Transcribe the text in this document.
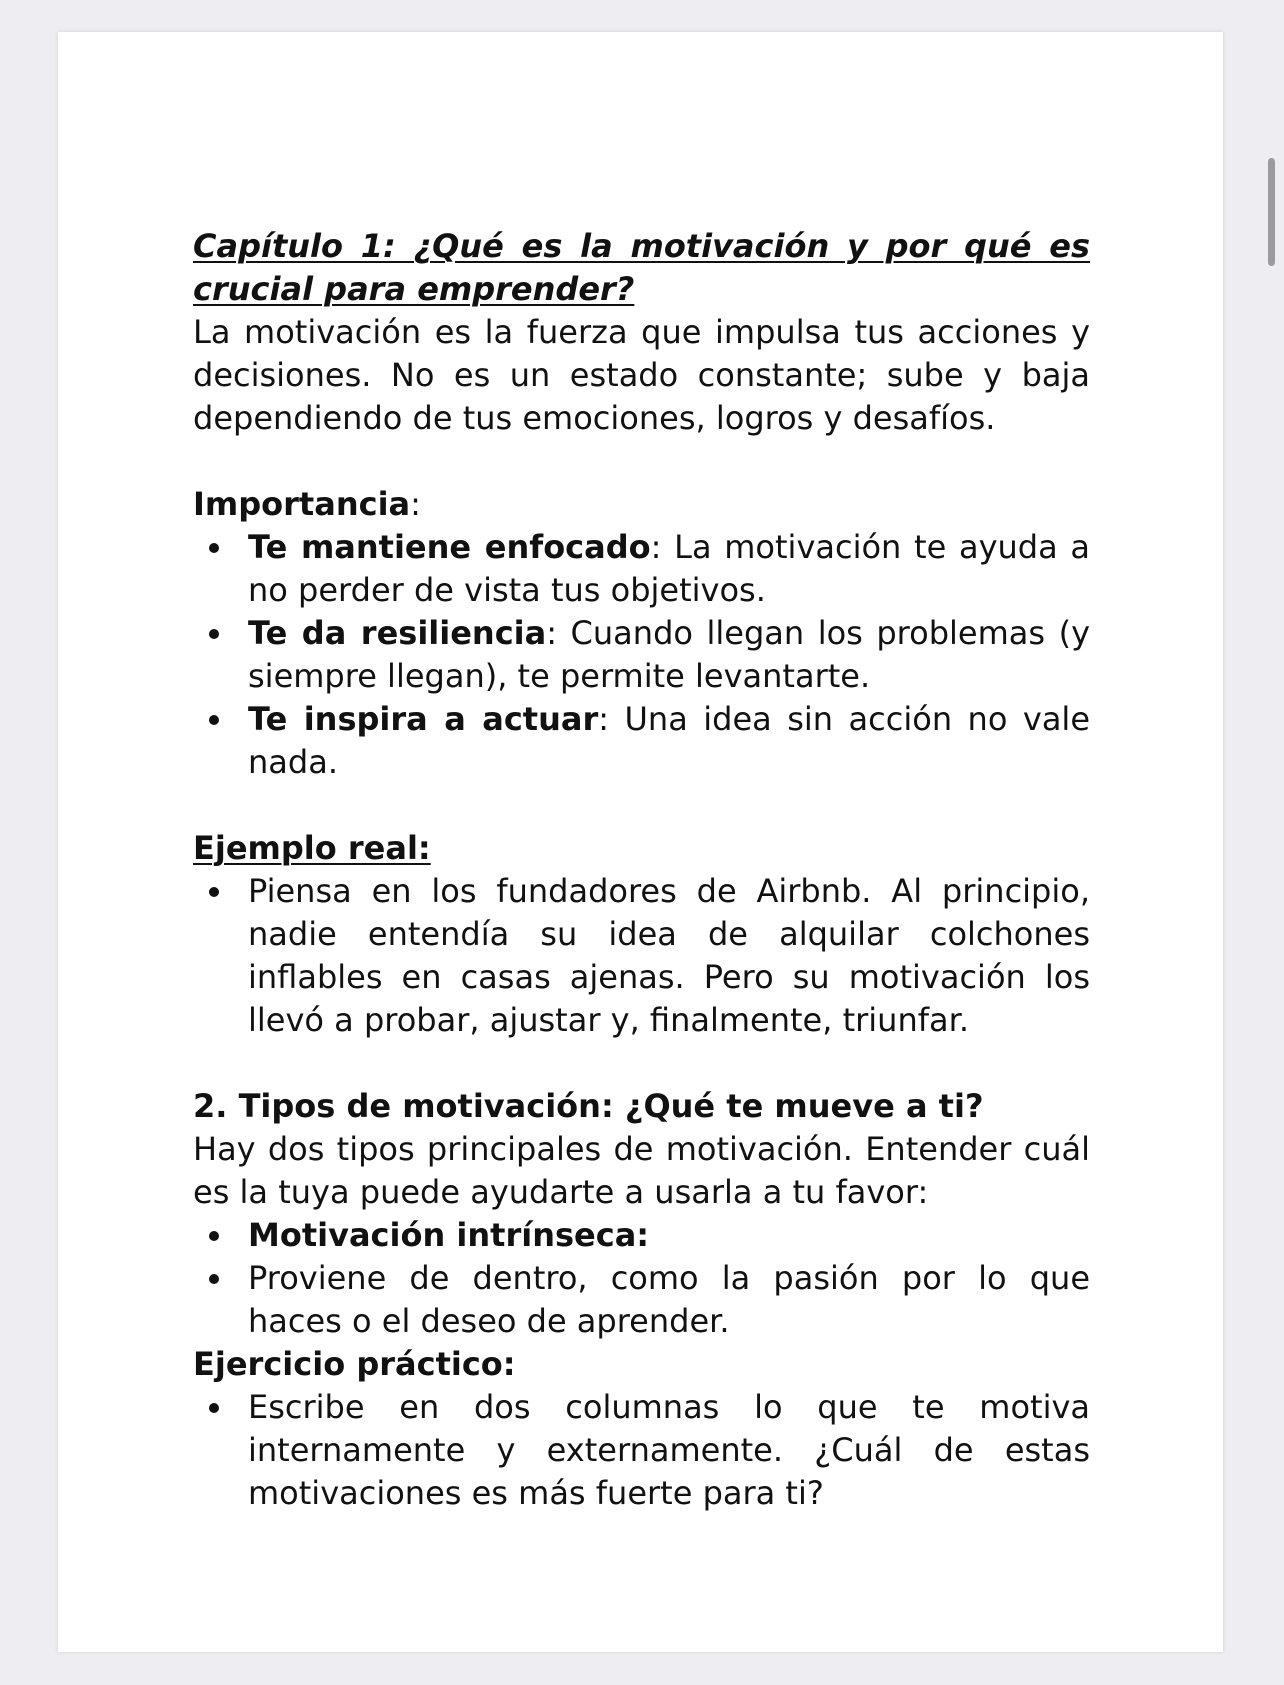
Capítulo 1: ¿Qué es la motivación y por qué es crucial para emprender?

La motivación es la fuerza que impulsa tus acciones y decisiones. No es un estado constante; sube y baja dependiendo de tus emociones, logros y desafíos.

Importancia:

Te mantiene enfocado: La motivación te ayuda a no perder de vista tus objetivos.
Te da resiliencia: Cuando llegan los problemas (y siempre llegan), te permite levantarte.
Te inspira a actuar: Una idea sin acción no vale nada.

Ejemplo real:

Piensa en los fundadores de Airbnb. Al principio, nadie entendía su idea de alquilar colchones inflables en casas ajenas. Pero su motivación los llevó a probar, ajustar y, finalmente, triunfar.

2. Tipos de motivación: ¿Qué te mueve a ti?

Hay dos tipos principales de motivación. Entender cuál es la tuya puede ayudarte a usarla a tu favor:

Motivación intrínseca:
Proviene de dentro, como la pasión por lo que haces o el deseo de aprender.

Ejercicio práctico:

Escribe en dos columnas lo que te motiva internamente y externamente. ¿Cuál de estas motivaciones es más fuerte para ti?
